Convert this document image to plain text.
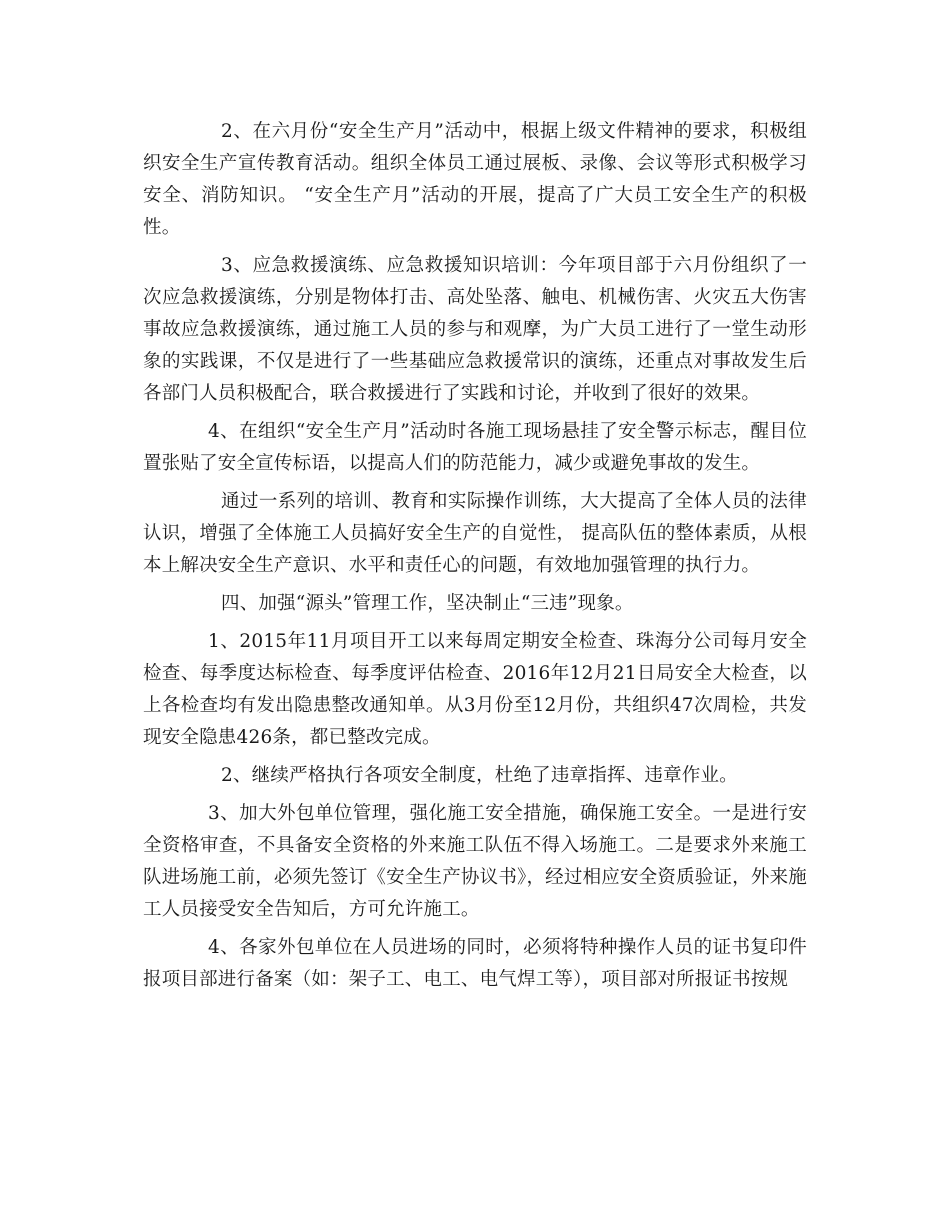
2、在六月份“安全生产月”活动中，根据上级文件精神的要求，积极组织安全生产宣传教育活动。组织全体员工通过展板、录像、会议等形式积极学习安全、消防知识。 “安全生产月”活动的开展，提高了广大员工安全生产的积极性。

3、应急救援演练、应急救援知识培训：今年项目部于六月份组织了一次应急救援演练，分别是物体打击、高处坠落、触电、机械伤害、火灾五大伤害事故应急救援演练，通过施工人员的参与和观摩，为广大员工进行了一堂生动形象的实践课，不仅是进行了一些基础应急救援常识的演练，还重点对事故发生后各部门人员积极配合，联合救援进行了实践和讨论，并收到了很好的效果。

4、在组织“安全生产月”活动时各施工现场悬挂了安全警示标志，醒目位置张贴了安全宣传标语，以提高人们的防范能力，减少或避免事故的发生。

通过一系列的培训、教育和实际操作训练，大大提高了全体人员的法律认识，增强了全体施工人员搞好安全生产的自觉性， 提高队伍的整体素质，从根本上解决安全生产意识、水平和责任心的问题，有效地加强管理的执行力。

四、加强“源头”管理工作，坚决制止“三违”现象。

1、2015年11月项目开工以来每周定期安全检查、珠海分公司每月安全检查、每季度达标检查、每季度评估检查、2016年12月21日局安全大检查，以上各检查均有发出隐患整改通知单。从3月份至12月份，共组织47次周检，共发现安全隐患426条，都已整改完成。

2、继续严格执行各项安全制度，杜绝了违章指挥、违章作业。

3、加大外包单位管理，强化施工安全措施，确保施工安全。一是进行安全资格审查，不具备安全资格的外来施工队伍不得入场施工。二是要求外来施工队进场施工前，必须先签订《安全生产协议书》，经过相应安全资质验证，外来施工人员接受安全告知后，方可允许施工。

4、各家外包单位在人员进场的同时，必须将特种操作人员的证书复印件报项目部进行备案（如：架子工、电工、电气焊工等），项目部对所报证书按规
